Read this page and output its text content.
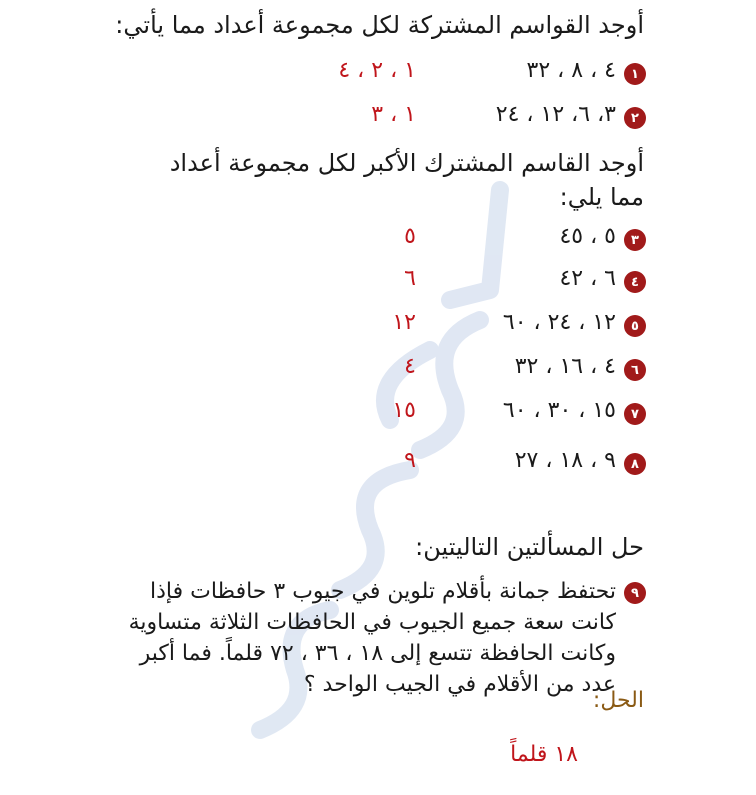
أوجد القواسم المشتركة لكل مجموعة أعداد مما يأتي:

١
٤ ، ٨ ، ٣٢
١ ، ٢ ، ٤
٢
٣، ٦، ١٢ ، ٢٤
١ ، ٣

أوجد القاسم المشترك الأكبر لكل مجموعة أعداد مما يلي:

٣
٥ ، ٤٥
٥
٤
٦ ، ٤٢
٦
٥
١٢ ، ٢٤ ، ٦٠
١٢
٦
٤ ، ١٦ ، ٣٢
٤
٧
١٥ ، ٣٠ ، ٦٠
١٥
٨
٩ ، ١٨ ، ٢٧
٩

حل المسألتين التاليتين:

٩

تحتفظ جمانة بأقلام تلوين في جيوب ٣ حافظات فإذا كانت سعة جميع الجيوب في الحافظات الثلاثة متساوية وكانت الحافظة تتسع إلى ١٨ ، ٣٦ ، ٧٢ قلماً. فما أكبر عدد من الأقلام في الجيب الواحد ؟

الحل:
١٨ قلماً
